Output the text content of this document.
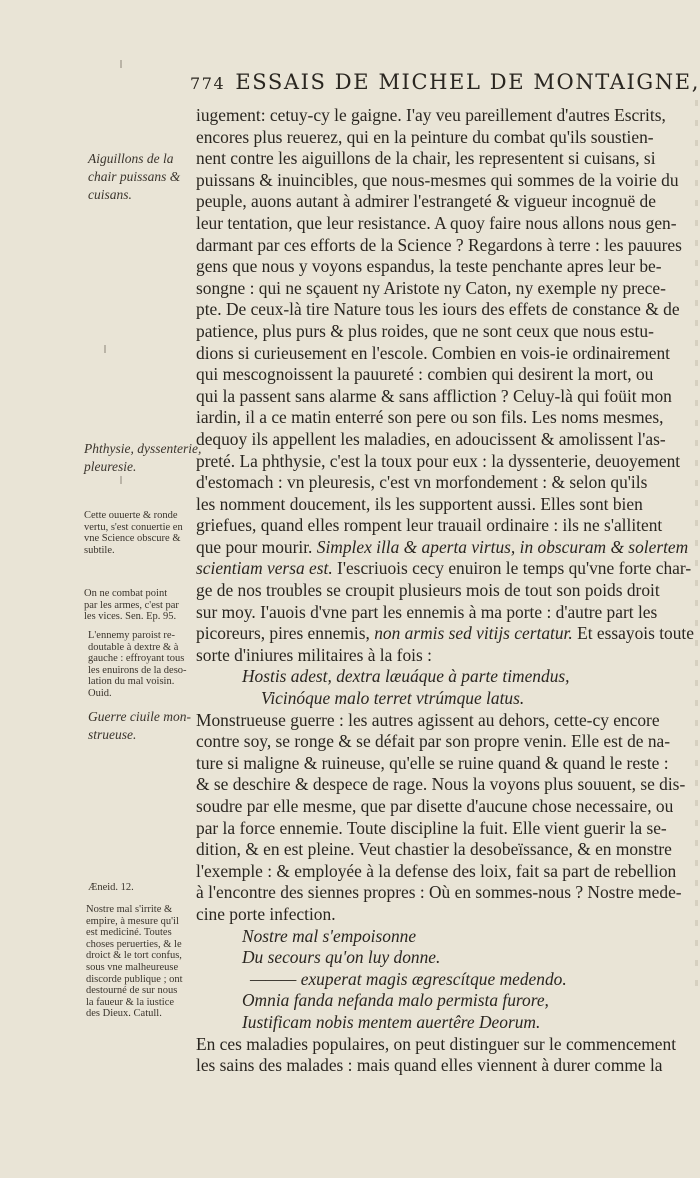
774 ESSAIS DE MICHEL DE MONTAIGNE,
iugement: cetuy-cy le gaigne. I'ay veu pareillement d'autres Escrits,
encores plus reuerez, qui en la peinture du combat qu'ils soustien-
nent contre les aiguillons de la chair, les representent si cuisans, si
puissans & inuincibles, que nous-mesmes qui sommes de la voirie du
peuple, auons autant à admirer l'estrangeté & vigueur incognuë de
leur tentation, que leur resistance. A quoy faire nous allons nous gen-
darmant par ces efforts de la Science ? Regardons à terre : les pauures
gens que nous y voyons espandus, la teste penchante apres leur be-
songne : qui ne sçauent ny Aristote ny Caton, ny exemple ny prece-
pte. De ceux-là tire Nature tous les iours des effets de constance & de
patience, plus purs & plus roides, que ne sont ceux que nous estu-
dions si curieusement en l'escole. Combien en vois-ie ordinairement
qui mescognoissent la pauureté : combien qui desirent la mort, ou
qui la passent sans alarme & sans affliction ? Celuy-là qui foüit mon
iardin, il a ce matin enterré son pere ou son fils. Les noms mesmes,
dequoy ils appellent les maladies, en adoucissent & amolissent l'as-
preté. La phthysie, c'est la toux pour eux : la dyssenterie, deuoyement
d'estomach : vn pleuresis, c'est vn morfondement : & selon qu'ils
les nomment doucement, ils les supportent aussi. Elles sont bien
griefues, quand elles rompent leur trauail ordinaire : ils ne s'allitent
que pour mourir. Simplex illa & aperta virtus, in obscuram & solertem
scientiam versa est. I'escriuois cecy enuiron le temps qu'vne forte char-
ge de nos troubles se croupit plusieurs mois de tout son poids droit
sur moy. I'auois d'vne part les ennemis à ma porte : d'autre part les
picoreurs, pires ennemis, non armis sed vitijs certatur. Et essayois toute
sorte d'iniures militaires à la fois :
Hostis adest, dextra læuáque à parte timendus,
Vicinóque malo terret vtrúmque latus.
Monstrueuse guerre : les autres agissent au dehors, cette-cy encore
contre soy, se ronge & se défait par son propre venin. Elle est de na-
ture si maligne & ruineuse, qu'elle se ruine quand & quand le reste :
& se deschire & despece de rage. Nous la voyons plus souuent, se dis-
soudre par elle mesme, que par disette d'aucune chose necessaire, ou
par la force ennemie. Toute discipline la fuit. Elle vient guerir la se-
dition, & en est pleine. Veut chastier la desobeïssance, & en monstre
l'exemple : & employée à la defense des loix, fait sa part de rebellion
à l'encontre des siennes propres : Où en sommes-nous ? Nostre mede-
cine porte infection.
Nostre mal s'empoisonne
Du secours qu'on luy donne.
——— exuperat magis ægrescítque medendo.
Omnia fanda nefanda malo permista furore,
Iustificam nobis mentem auertêre Deorum.
En ces maladies populaires, on peut distinguer sur le commencement
les sains des malades : mais quand elles viennent à durer comme la
Aiguillons de la
chair puissans &
cuisans.
Phthysie, dyssenterie,
pleuresie.
Cette ouuerte & ronde
vertu, s'est conuertie en
vne Science obscure &
subtile.
On ne combat point
par les armes, c'est par
les vices. Sen. Ep. 95.
L'ennemy paroist re-
doutable à dextre & à
gauche : effroyant tous
les enuirons de la deso-
lation du mal voisin.
Ouid.
Guerre ciuile mon-
strueuse.
Æneid. 12.
Nostre mal s'irrite &
empire, à mesure qu'il
est mediciné. Toutes
choses peruerties, & le
droict & le tort confus,
sous vne malheureuse
discorde publique ; ont
destourné de sur nous
la faueur & la iustice
des Dieux. Catull.
